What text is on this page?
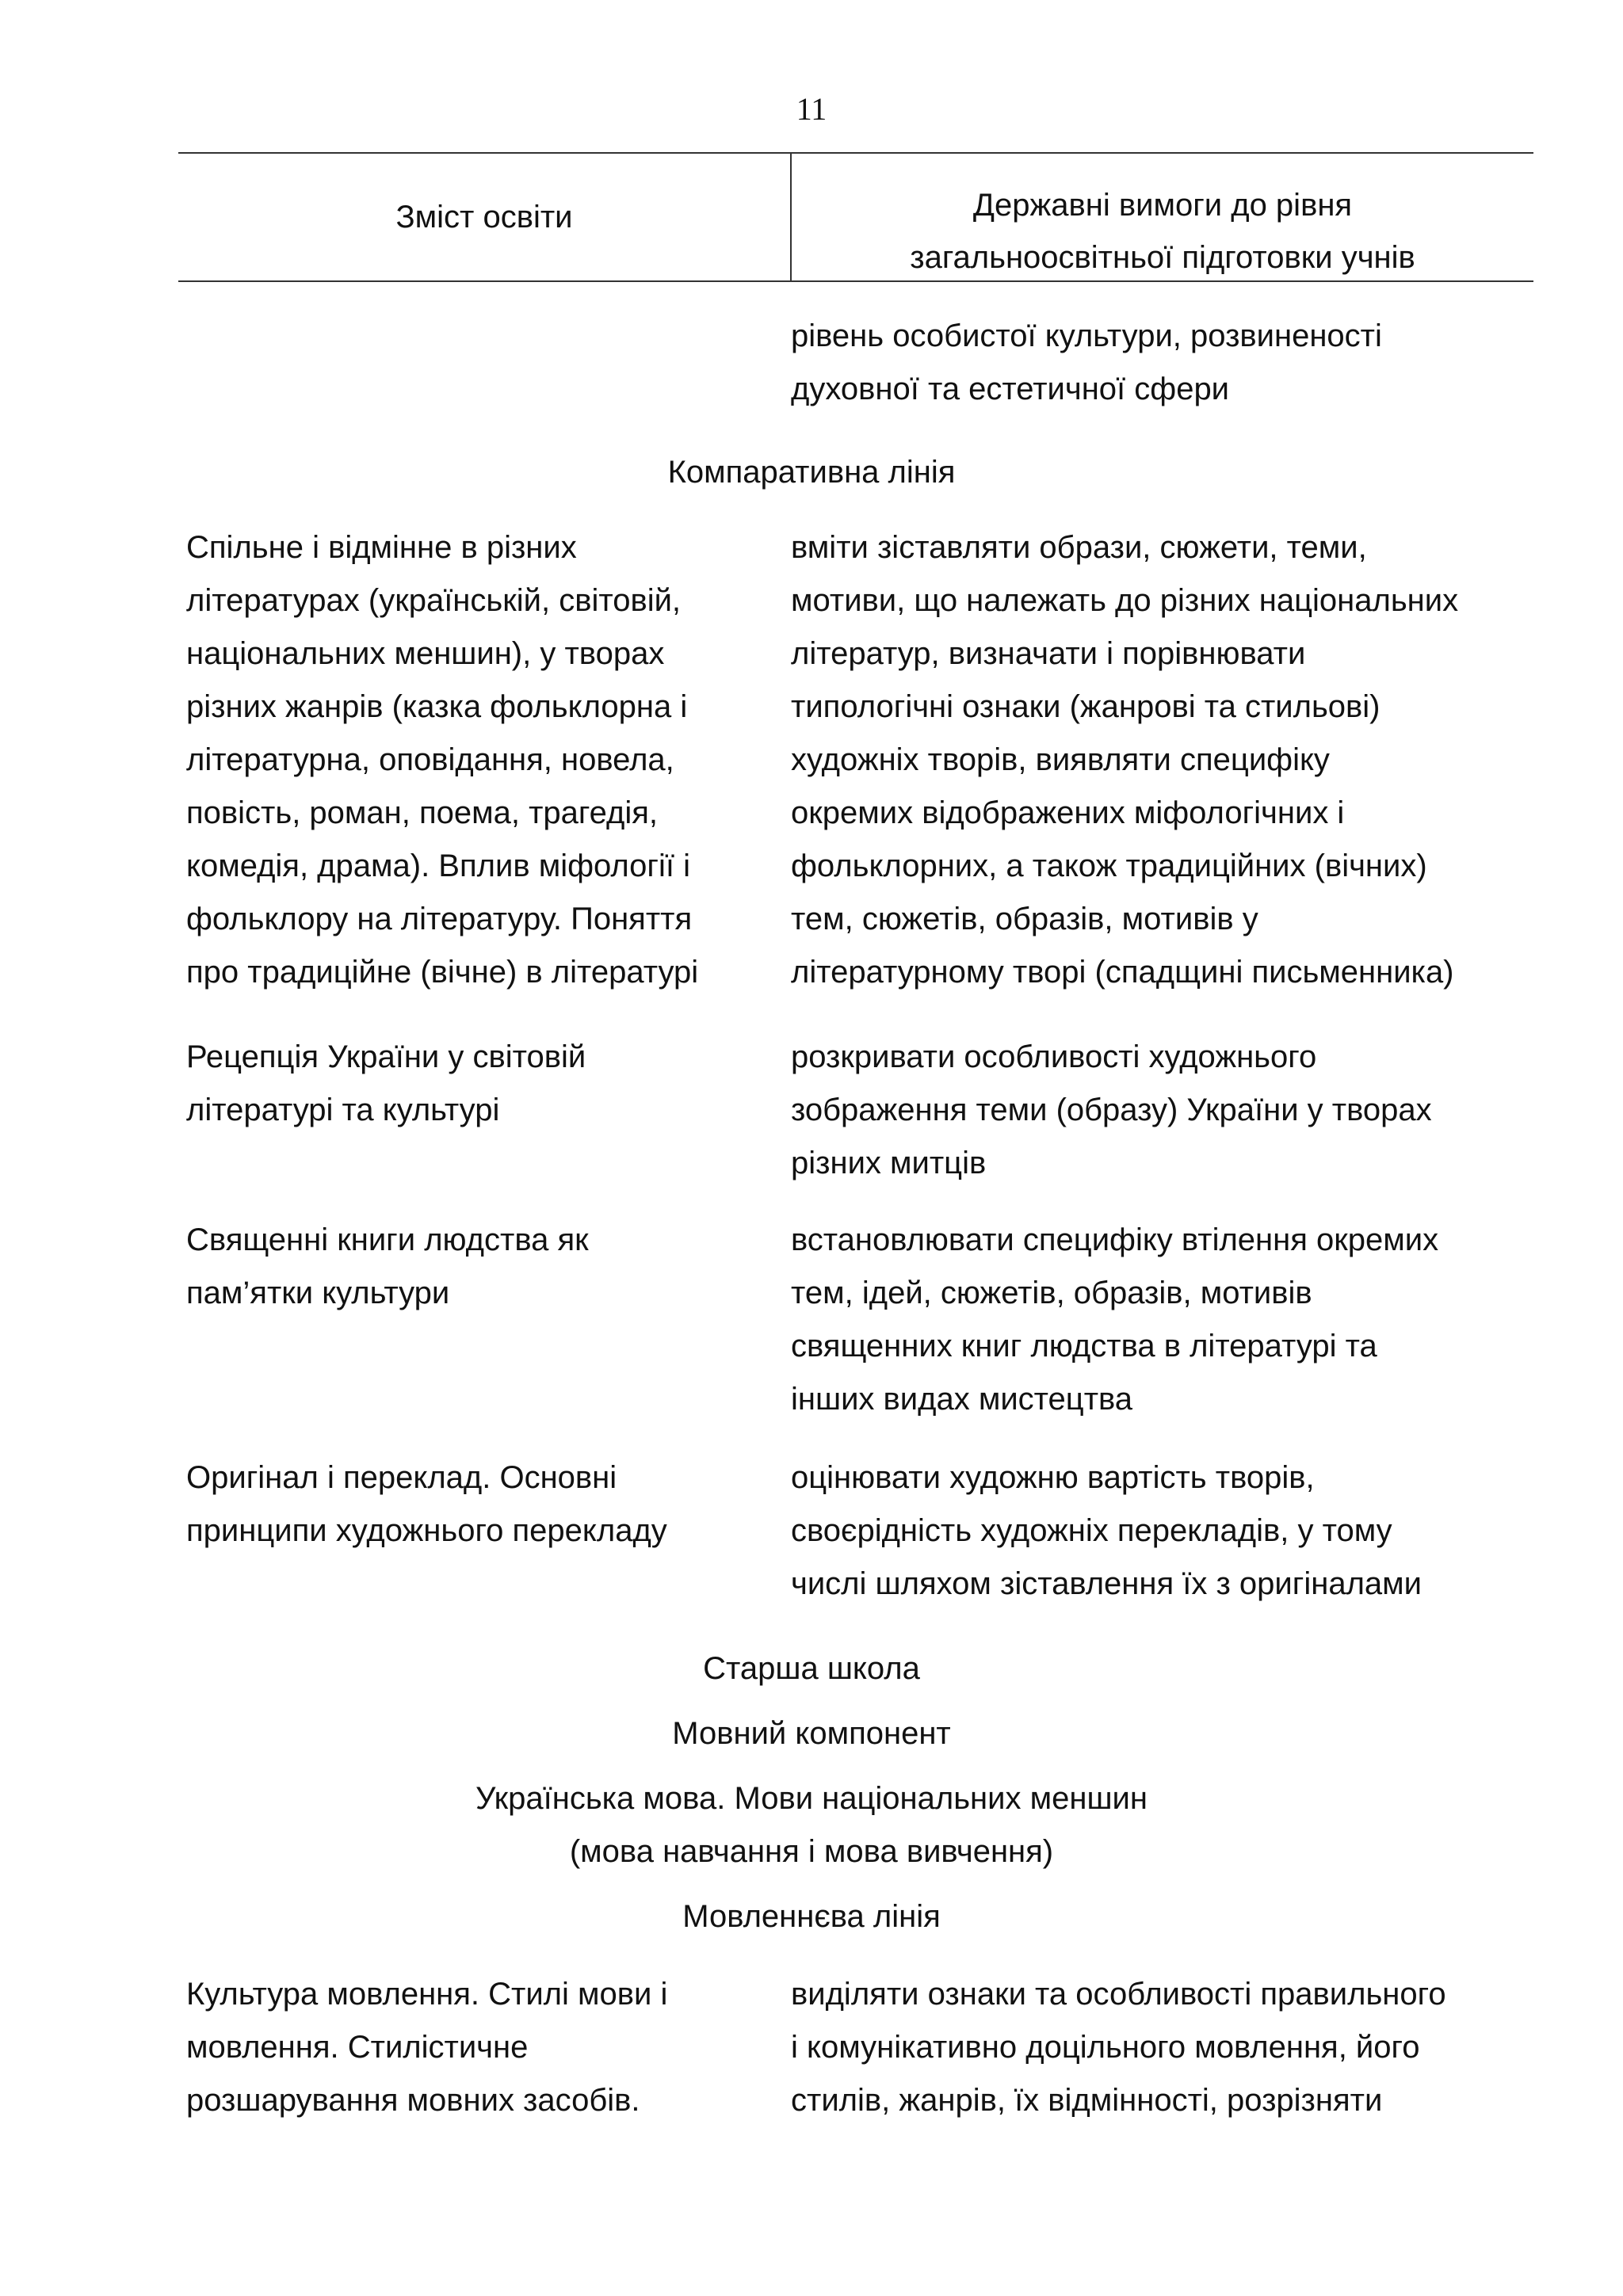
11
Зміст освіти	Державні вимоги до рівня
загальноосвітньої підготовки учнів
рівень особистої культури, розвиненості
духовної та естетичної сфери
Компаративна лінія
Спільне і відмінне в різних
літературах (українській, світовій,
національних меншин), у творах
різних жанрів (казка фольклорна і
літературна, оповідання, новела,
повість, роман, поема, трагедія,
комедія, драма). Вплив міфології і
фольклору на літературу. Поняття
про традиційне (вічне) в літературі
вміти зіставляти образи, сюжети, теми,
мотиви, що належать до різних національних
літератур, визначати і порівнювати
типологічні ознаки (жанрові та стильові)
художніх творів, виявляти специфіку
окремих відображених міфологічних і
фольклорних, а також традиційних (вічних)
тем, сюжетів, образів, мотивів у
літературному творі (спадщині письменника)
Рецепція України у світовій
літературі та культурі
розкривати особливості художнього
зображення теми (образу) України у творах
різних митців
Священні книги людства як
пам’ятки культури
встановлювати специфіку втілення окремих
тем, ідей, сюжетів, образів, мотивів
священних книг людства в літературі та
інших видах мистецтва
Оригінал і переклад. Основні
принципи художнього перекладу
оцінювати художню вартість творів,
своєрідність художніх перекладів, у тому
числі шляхом зіставлення їх з оригіналами
Старша школа
Мовний компонент
Українська мова. Мови національних меншин
(мова навчання і мова вивчення)
Мовленнєва лінія
Культура мовлення. Стилі мови і
мовлення. Стилістичне
розшарування мовних засобів.
виділяти ознаки та особливості правильного
і комунікативно доцільного мовлення, його
стилів, жанрів, їх відмінності, розрізняти
